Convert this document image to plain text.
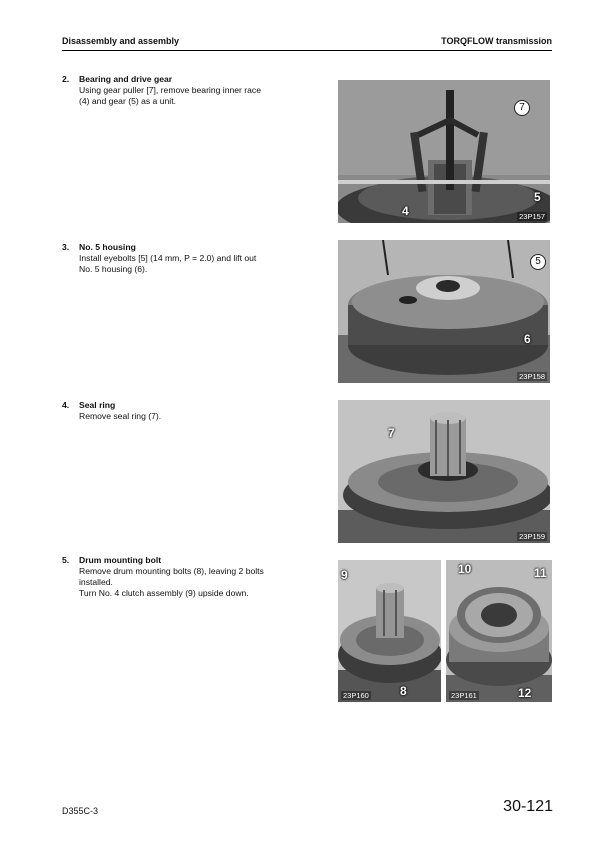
Disassembly and assembly	TORQFLOW transmission
2. Bearing and drive gear
Using gear puller [7], remove bearing inner race
(4) and gear (5) as a unit.
7
5
4	23P157
3. No. 5 housing
Install eyebolts [5] (14 mm, P = 2.0) and lift out
No. 5 housing (6).
5
6
23P158
4. Seal ring
Remove seal ring (7).
7
23P159
5. Drum mounting bolt
Remove drum mounting bolts (8), leaving 2 bolts
installed.
Turn No. 4 clutch assembly (9) upside down.
9
8
23P160
10	11
12
23P161
D355C-3	30-121
